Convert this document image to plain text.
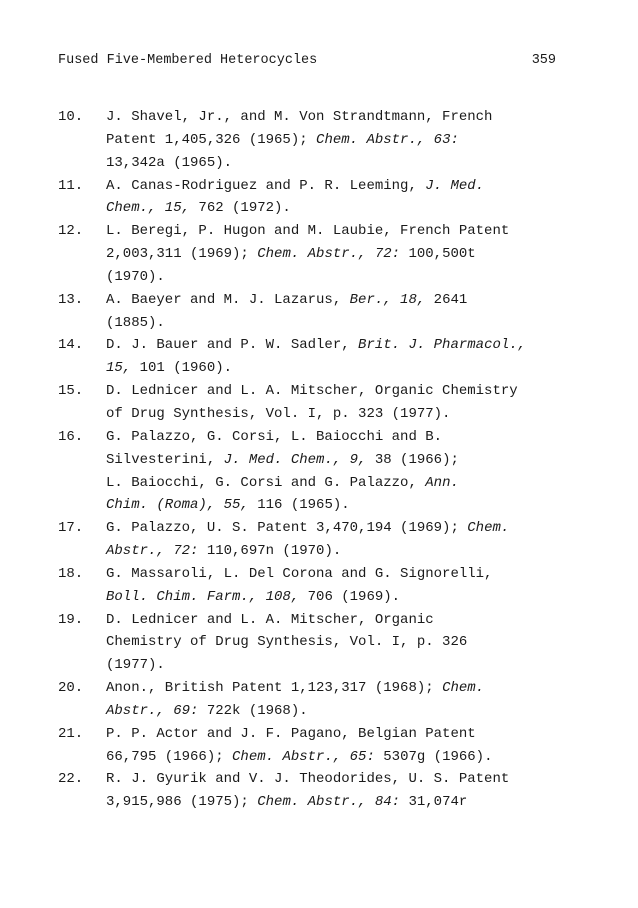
Fused Five-Membered Heterocycles	359
10.	J. Shavel, Jr., and M. Von Strandtmann, French
Patent 1,405,326 (1965); Chem. Abstr., 63:
13,342a (1965).
11.	A. Canas-Rodriguez and P. R. Leeming, J. Med.
Chem., 15, 762 (1972).
12.	L. Beregi, P. Hugon and M. Laubie, French Patent
2,003,311 (1969); Chem. Abstr., 72: 100,500t
(1970).
13.	A. Baeyer and M. J. Lazarus, Ber., 18, 2641
(1885).
14.	D. J. Bauer and P. W. Sadler, Brit. J. Pharmacol.,
15, 101 (1960).
15.	D. Lednicer and L. A. Mitscher, Organic Chemistry
of Drug Synthesis, Vol. I, p. 323 (1977).
16.	G. Palazzo, G. Corsi, L. Baiocchi and B.
Silvesterini, J. Med. Chem., 9, 38 (1966);
L. Baiocchi, G. Corsi and G. Palazzo, Ann.
Chim. (Roma), 55, 116 (1965).
17.	G. Palazzo, U. S. Patent 3,470,194 (1969); Chem.
Abstr., 72: 110,697n (1970).
18.	G. Massaroli, L. Del Corona and G. Signorelli,
Boll. Chim. Farm., 108, 706 (1969).
19.	D. Lednicer and L. A. Mitscher, Organic
Chemistry of Drug Synthesis, Vol. I, p. 326
(1977).
20.	Anon., British Patent 1,123,317 (1968); Chem.
Abstr., 69: 722k (1968).
21.	P. P. Actor and J. F. Pagano, Belgian Patent
66,795 (1966); Chem. Abstr., 65: 5307g (1966).
22.	R. J. Gyurik and V. J. Theodorides, U. S. Patent
3,915,986 (1975); Chem. Abstr., 84: 31,074r
